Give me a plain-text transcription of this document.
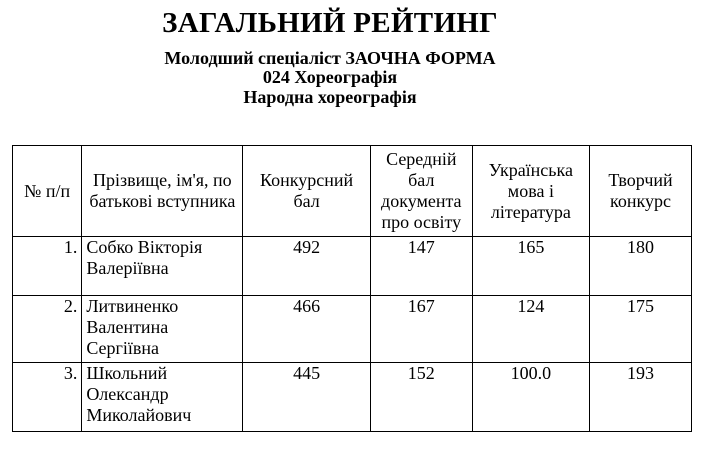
ЗАГАЛЬНИЙ РЕЙТИНГ
Молодший спеціаліст ЗАОЧНА ФОРМА
024 Хореографія
Народна хореографія
№ п/п	Прізвище, ім'я, по батькові вступника	Конкурсний бал	Середній бал документа про освіту	Українська мова і література	Творчий конкурс
1.	Собко Вікторія Валеріївна	492	147	165	180
2.	Литвиненко Валентина Сергіївна	466	167	124	175
3.	Школьний Олександр Миколайович	445	152	100.0	193
